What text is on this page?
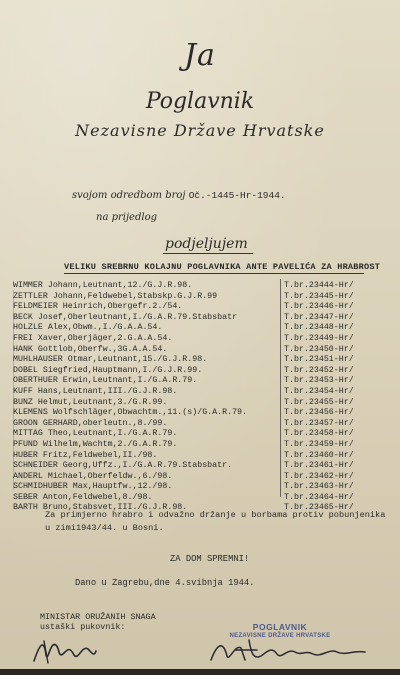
Ja
Poglavnik
Nezavisne Države Hrvatske
svojom odredbom broj Oč.-1445-Hr-1944.
na prijedlog
podjeljujem
VELIKU SREBRNU KOLAJNU POGLAVNIKA ANTE PAVELIĆA ZA HRABROST
WIMMER Johann,Leutnant,12./G.J.R.98.
ZETTLER Johann,Feldwebel,Stabskp.G.J.R.99
FELDMEIER Heinrich,Obergefr.2./54.
BECK Josef,Oberleutnant,I./G.A.R.79.Stabsbatr
HÖLZLE Alex,Obwm.,I./G.A.A.54.
FREI Xaver,Oberjäger,2.G.A.A.54.
HANK Gottlob,Oberfw.,3G.A.A.54.
MÜHLHAUSER Otmar,Leutnant,15./G.J.R.98.
DÖBEL Siegfried,Hauptmann,I./G.J.R.99.
OBERTHUER Erwin,Leutnant,I./G.A.R.79.
KUFF Hans,Leutnant,III./G.J.R.98.
BUNZ Helmut,Leutnant,3./G.R.99.
KLEMENS Wolfschläger,Obwachtm.,11.(s)/G.A.R.79.
GROON GERHARD,oberleutn.,8./99.
MITTAG Theo,Leutnant,I./G.A.R.79.
PFUND Wilhelm,Wachtm,2./G.A.R.79.
HUBER Fritz,Feldwebel,II./98.
SCHNEIDER Georg,Uffz.,I./G.A.R.79.Stabsbatr.
ANDERL Michael,Oberfeldw.,6./98.
SCHMIDHUBER Max,Hauptfw.,12./98.
SEBER Anton,Feldwebel,8./98.
BARTH Bruno,Stabsvet,III./G.J.R.98.
T.br.23444-Hr/
T.br.23445-Hr/
T.br.23446-Hr/
T.br.23447-Hr/
T.br.23448-Hr/
T.br.23449-Hr/
T.br.23450-Hr/
T.br.23451-Hr/
T.br.23452-Hr/
T.br.23453-Hr/
T.br.23454-Hr/
T.br.23455-Hr/
T.br.23456-Hr/
T.br.23457-Hr/
T.br.23458-Hr/
T.br.23459-Hr/
T.br.23460-Hr/
T.br.23461-Hr/
T.br.23462-Hr/
T.br.23463-Hr/
T.br.23464-Hr/
T.br.23465-Hr/
Za primjerno hrabro i odvažno držanje u borbama protiv pobunjenika u zimi1943/44. u Bosni.
ZA DOM SPREMNI!
Dano u Zagrebu,dne 4.svibnja 1944.
MINISTAR ORUŽANIH SNAGA
ustaški pukovnik:	POGLAVNIK
NEZAVISNE DRŽAVE HRVATSKE
